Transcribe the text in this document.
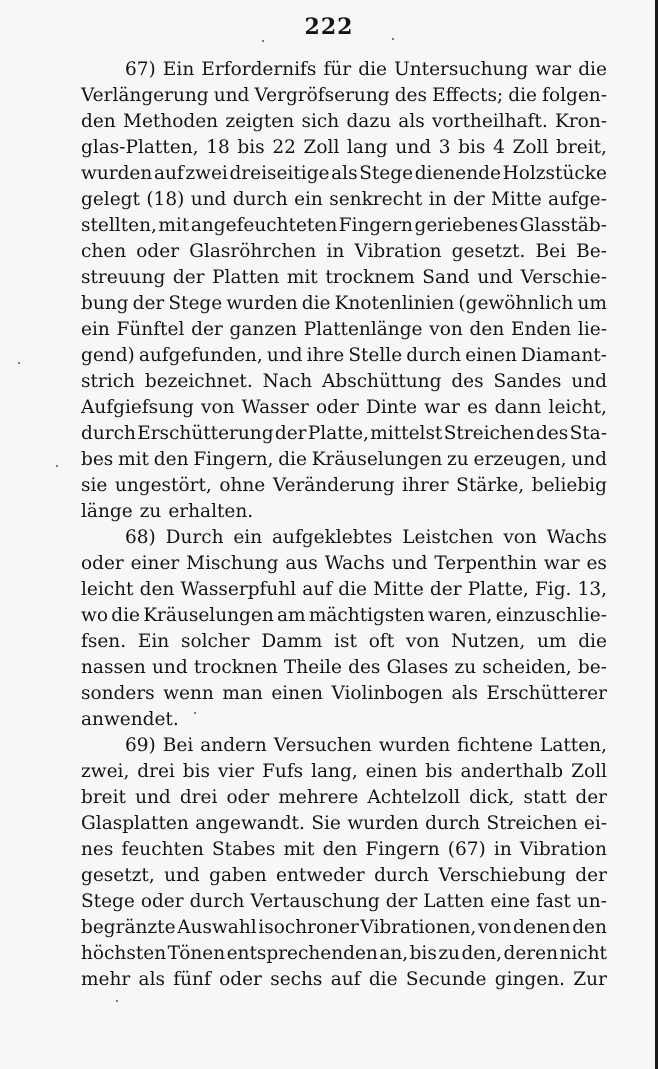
222
67) Ein Erfordernifs für die Untersuchung war die
Verlängerung und Vergröfserung des Effects; die folgen-
den Methoden zeigten sich dazu als vortheilhaft. Kron-
glas-Platten, 18 bis 22 Zoll lang und 3 bis 4 Zoll breit,
wurden auf zwei dreiseitige als Stege dienende Holzstücke
gelegt (18) und durch ein senkrecht in der Mitte aufge-
stellten, mit angefeuchteten Fingern geriebenes Glasstäb-
chen oder Glasröhrchen in Vibration gesetzt. Bei Be-
streuung der Platten mit trocknem Sand und Verschie-
bung der Stege wurden die Knotenlinien (gewöhnlich um
ein Fünftel der ganzen Plattenlänge von den Enden lie-
gend) aufgefunden, und ihre Stelle durch einen Diamant-
strich bezeichnet. Nach Abschüttung des Sandes und
Aufgiefsung von Wasser oder Dinte war es dann leicht,
durch Erschütterung der Platte, mittelst Streichen des Sta-
bes mit den Fingern, die Kräuselungen zu erzeugen, und
sie ungestört, ohne Veränderung ihrer Stärke, beliebig
länge zu erhalten.
68) Durch ein aufgeklebtes Leistchen von Wachs
oder einer Mischung aus Wachs und Terpenthin war es
leicht den Wasserpfuhl auf die Mitte der Platte, Fig. 13,
wo die Kräuselungen am mächtigsten waren, einzuschlie-
fsen. Ein solcher Damm ist oft von Nutzen, um die
nassen und trocknen Theile des Glases zu scheiden, be-
sonders wenn man einen Violinbogen als Erschütterer
anwendet.
69) Bei andern Versuchen wurden fichtene Latten,
zwei, drei bis vier Fufs lang, einen bis anderthalb Zoll
breit und drei oder mehrere Achtelzoll dick, statt der
Glasplatten angewandt. Sie wurden durch Streichen ei-
nes feuchten Stabes mit den Fingern (67) in Vibration
gesetzt, und gaben entweder durch Verschiebung der
Stege oder durch Vertauschung der Latten eine fast un-
begränzte Auswahl isochroner Vibrationen, von denen den
höchsten Tönen entsprechenden an, bis zu den, deren nicht
mehr als fünf oder sechs auf die Secunde gingen. Zur
